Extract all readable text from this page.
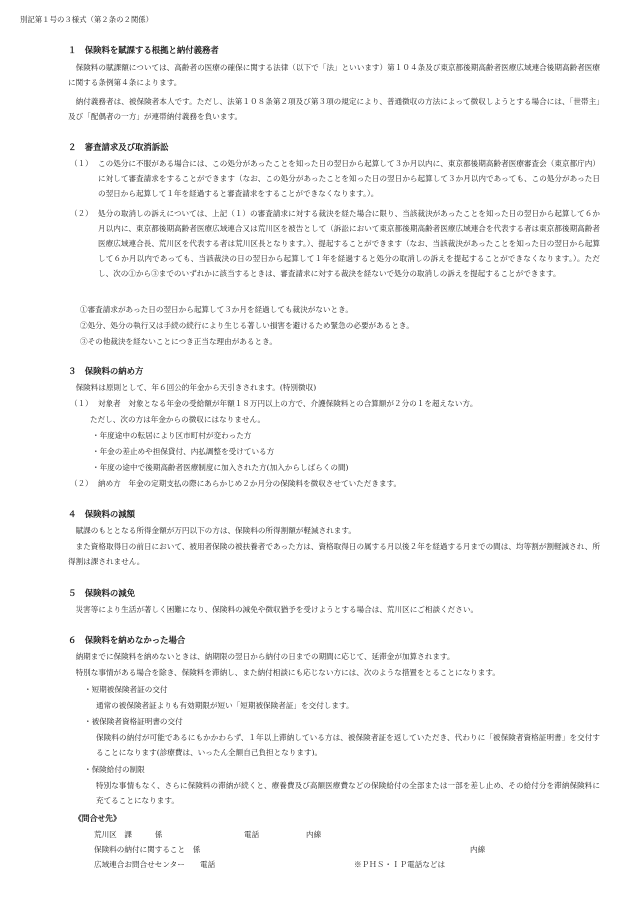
別記第１号の３様式（第２条の２関係）
１　保険料を賦課する根拠と納付義務者
保険料の賦課額については、高齢者の医療の確保に関する法律（以下で「法」といいます）第１０４条及び東京都後期高齢者医療広域連合後期高齢者医療に関する条例第４条によります。
納付義務者は、被保険者本人です。ただし、法第１０８条第２項及び第３項の規定により、普通徴収の方法によって徴収しようとする場合には、「世帯主」及び「配偶者の一方」が連帯納付義務を負います。
２　審査請求及び取消訴訟
（１） この処分に不服がある場合には、この処分があったことを知った日の翌日から起算して３か月以内に、東京都後期高齢者医療審査会（東京都庁内）に対して審査請求をすることができます（なお、この処分があったことを知った日の翌日から起算して３か月以内であっても、この処分があった日の翌日から起算して１年を経過すると審査請求をすることができなくなります。）。
（２） 処分の取消しの訴えについては、上記（１）の審査請求に対する裁決を経た場合に限り、当該裁決があったことを知った日の翌日から起算して６か月以内に、東京都後期高齢者医療広域連合又は荒川区を被告として（訴訟において東京都後期高齢者医療広域連合を代表する者は東京都後期高齢者医療広域連合長、荒川区を代表する者は荒川区長となります。）、提起することができます（なお、当該裁決があったことを知った日の翌日から起算して６か月以内であっても、当該裁決の日の翌日から起算して１年を経過すると処分の取消しの訴えを提起することができなくなります。）。ただし、次の①から③までのいずれかに該当するときは、審査請求に対する裁決を経ないで処分の取消しの訴えを提起することができます。
①審査請求があった日の翌日から起算して３か月を経過しても裁決がないとき。
②処分、処分の執行又は手続の続行により生じる著しい損害を避けるため緊急の必要があるとき。
③その他裁決を経ないことにつき正当な理由があるとき。
３　保険料の納め方
保険料は原則として、年６回公的年金から天引きされます。(特別徴収)
（１） 対象者　対象となる年金の受給額が年額１８万円以上の方で、介護保険料との合算額が２分の１を超えない方。
ただし、次の方は年金からの徴収にはなりません。
・年度途中の転居により区市町村が変わった方
・年金の差止めや担保貸付、内払調整を受けている方
・年度の途中で後期高齢者医療制度に加入された方(加入からしばらくの間)
（２） 納め方　年金の定期支払の際にあらかじめ２か月分の保険料を徴収させていただきます。
４　保険料の減額
賦課のもととなる所得金額が万円以下の方は、保険料の所得割額が軽減されます。
また資格取得日の前日において、被用者保険の被扶養者であった方は、資格取得日の属する月以後２年を経過する月までの間は、均等割が割軽減され、所得割は課されません。
５　保険料の減免
災害等により生活が著しく困難になり、保険料の減免や徴収猶予を受けようとする場合は、荒川区にご相談ください。
６　保険料を納めなかった場合
納期までに保険料を納めないときは、納期限の翌日から納付の日までの期間に応じて、延滞金が加算されます。
特別な事情がある場合を除き、保険料を滞納し、また納付相談にも応じない方には、次のような措置をとることになります。
・短期被保険者証の交付
通常の被保険者証よりも有効期限が短い「短期被保険者証」を交付します。
・被保険者資格証明書の交付
保険料の納付が可能であるにもかかわらず、１年以上滞納している方は、被保険者証を返していただき、代わりに「被保険者資格証明書」を交付することになります(診療費は、いったん全額自己負担となります)。
・保険給付の制限
特別な事情もなく、さらに保険料の滞納が続くと、療養費及び高額医療費などの保険給付の全部または一部を差し止め、その給付分を滞納保険料に充てることになります。
《問合せ先》
荒川区　課　　　係	電話	内線
保険料の納付に関すること　係	内線
広域連合お問合せセンター　　電話	※ＰＨＳ・ＩＰ電話などは
